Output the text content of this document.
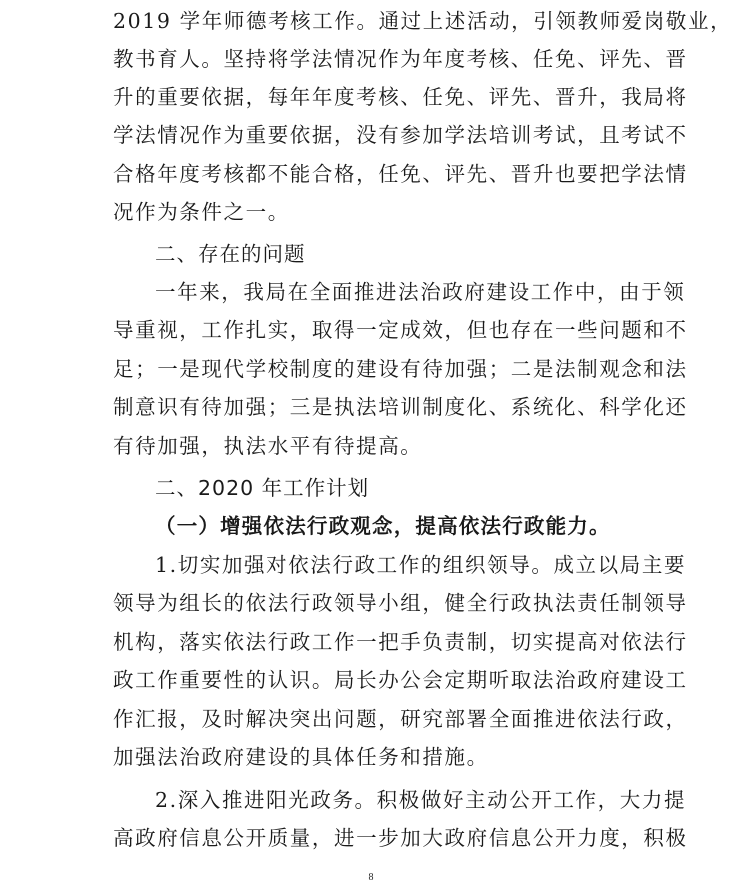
2019 学年师德考核工作。通过上述活动，引领教师爱岗敬业，
教书育人。坚持将学法情况作为年度考核、任免、评先、晋
升的重要依据，每年年度考核、任免、评先、晋升，我局将
学法情况作为重要依据，没有参加学法培训考试，且考试不
合格年度考核都不能合格，任免、评先、晋升也要把学法情
况作为条件之一。
二、存在的问题
一年来，我局在全面推进法治政府建设工作中，由于领
导重视，工作扎实，取得一定成效，但也存在一些问题和不
足；一是现代学校制度的建设有待加强；二是法制观念和法
制意识有待加强；三是执法培训制度化、系统化、科学化还
有待加强，执法水平有待提高。
二、2020 年工作计划
（一）增强依法行政观念，提高依法行政能力。
1.切实加强对依法行政工作的组织领导。成立以局主要
领导为组长的依法行政领导小组，健全行政执法责任制领导
机构，落实依法行政工作一把手负责制，切实提高对依法行
政工作重要性的认识。局长办公会定期听取法治政府建设工
作汇报，及时解决突出问题，研究部署全面推进依法行政，
加强法治政府建设的具体任务和措施。
2.深入推进阳光政务。积极做好主动公开工作，大力提
高政府信息公开质量，进一步加大政府信息公开力度，积极
8
